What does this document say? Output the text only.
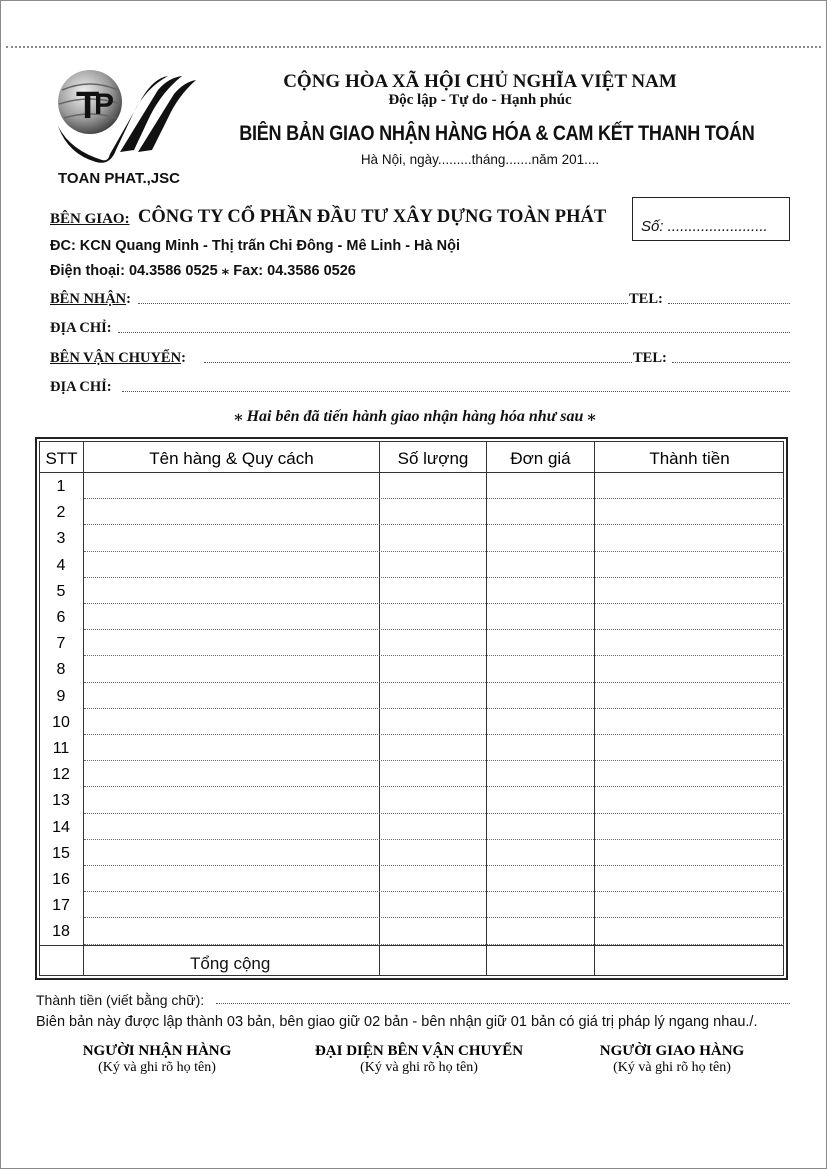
T
P
TOAN PHAT.,JSC
CỘNG HÒA XÃ HỘI CHỦ NGHĨA VIỆT NAM
Độc lập - Tự do - Hạnh phúc
BIÊN BẢN GIAO NHẬN HÀNG HÓA & CAM KẾT THANH TOÁN
Hà Nội, ngày.........tháng.......năm 201....
Số: ........................
BÊN GIAO: CÔNG TY CỔ PHẦN ĐẦU TƯ XÂY DỰNG TOÀN PHÁT
ĐC: KCN Quang Minh - Thị trấn Chi Đông - Mê Linh - Hà Nội
Điện thoại: 04.3586 0525 ⁎ Fax: 04.3586 0526
BÊN NHẬN:	TEL:
ĐỊA CHỈ:
BÊN VẬN CHUYỂN:	TEL:
ĐỊA CHỈ:
⁎ Hai bên đã tiến hành giao nhận hàng hóa như sau ⁎
STT	Tên hàng & Quy cách	Số lượng	Đơn giá	Thành tiền
1
2
3
4
5
6
7
8
9
10
11
12
13
14
15
16
17
18
Tổng cộng
Thành tiền (viết bằng chữ):
Biên bản này được lập thành 03 bản, bên giao giữ 02 bản - bên nhận giữ 01 bản có giá trị pháp lý ngang nhau./.
NGƯỜI NHẬN HÀNG
(Ký và ghi rõ họ tên)
ĐẠI DIỆN BÊN VẬN CHUYỂN
(Ký và ghi rõ họ tên)
NGƯỜI GIAO HÀNG
(Ký và ghi rõ họ tên)
